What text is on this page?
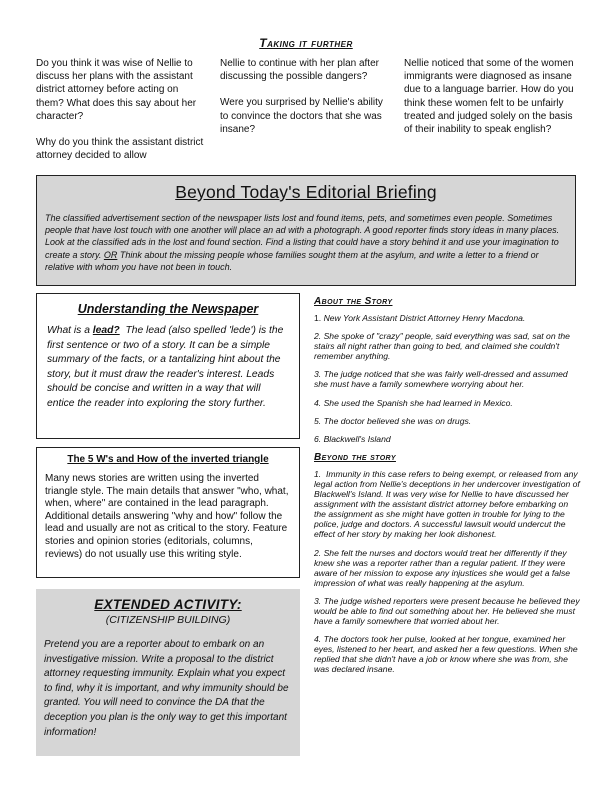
Taking it further

Do you think it was wise of Nellie to discuss her plans with the assistant district attorney before acting on them? What does this say about her character?

Why do you think the assistant district attorney decided to allow

Nellie to continue with her plan after discussing the possible dangers?

Were you surprised by Nellie's ability to convince the doctors that she was insane?

Nellie noticed that some of the women immigrants were diagnosed as insane due to a language barrier. How do you think these women felt to be unfairly treated and judged solely on the basis of their inability to speak english?

Beyond Today's Editorial Briefing

The classified advertisement section of the newspaper lists lost and found items, pets, and sometimes even people. Sometimes people that have lost touch with one another will place an ad with a photograph. A good reporter finds story ideas in many places. Look at the classified ads in the lost and found section. Find a listing that could have a story behind it and use your imagination to create a story. OR Think about the missing people whose families sought them at the asylum, and write a letter to a friend or relative with whom you have not been in touch.

Understanding the Newspaper

What is a lead? The lead (also spelled 'lede') is the first sentence or two of a story. It can be a simple summary of the facts, or a tantalizing hint about the story, but it must draw the reader's interest. Leads should be concise and written in a way that will entice the reader into exploring the story further.

The 5 W's and How of the inverted triangle

Many news stories are written using the inverted triangle style. The main details that answer "who, what, when, where" are contained in the lead paragraph. Additional details answering "why and how" follow the lead and usually are not as critical to the story. Feature stories and opinion stories (editorials, columns, reviews) do not usually use this writing style.

EXTENDED ACTIVITY:
(CITIZENSHIP BUILDING)

Pretend you are a reporter about to embark on an investigative mission. Write a proposal to the district attorney requesting immunity. Explain what you expect to find, why it is important, and why immunity should be granted. You will need to convince the DA that the deception you plan is the only way to get this important information!

About the Story

1. New York Assistant District Attorney Henry Macdona.

2. She spoke of "crazy" people, said everything was sad, sat on the stairs all night rather than going to bed, and claimed she couldn't remember anything.

3. The judge noticed that she was fairly well-dressed and assumed she must have a family somewhere worrying about her.

4. She used the Spanish she had learned in Mexico.

5. The doctor believed she was on drugs.

6. Blackwell's Island

Beyond the story

1. Immunity in this case refers to being exempt, or released from any legal action from Nellie's deceptions in her undercover investigation of Blackwell's Island. It was very wise for Nellie to have discussed her assignment with the assistant district attorney before embarking on the assignment as she might have gotten in trouble for lying to the police, judge and doctors. A successful lawsuit would undercut the effect of her story by making her look dishonest.

2. She felt the nurses and doctors would treat her differently if they knew she was a reporter rather than a regular patient. If they were aware of her mission to expose any injustices she would get a false impression of what was really happening at the asylum.

3. The judge wished reporters were present because he believed they would be able to find out something about her. He believed she must have a family somewhere that worried about her.

4. The doctors took her pulse, looked at her tongue, examined her eyes, listened to her heart, and asked her a few questions. When she replied that she didn't have a job or know where she was from, she was declared insane.
